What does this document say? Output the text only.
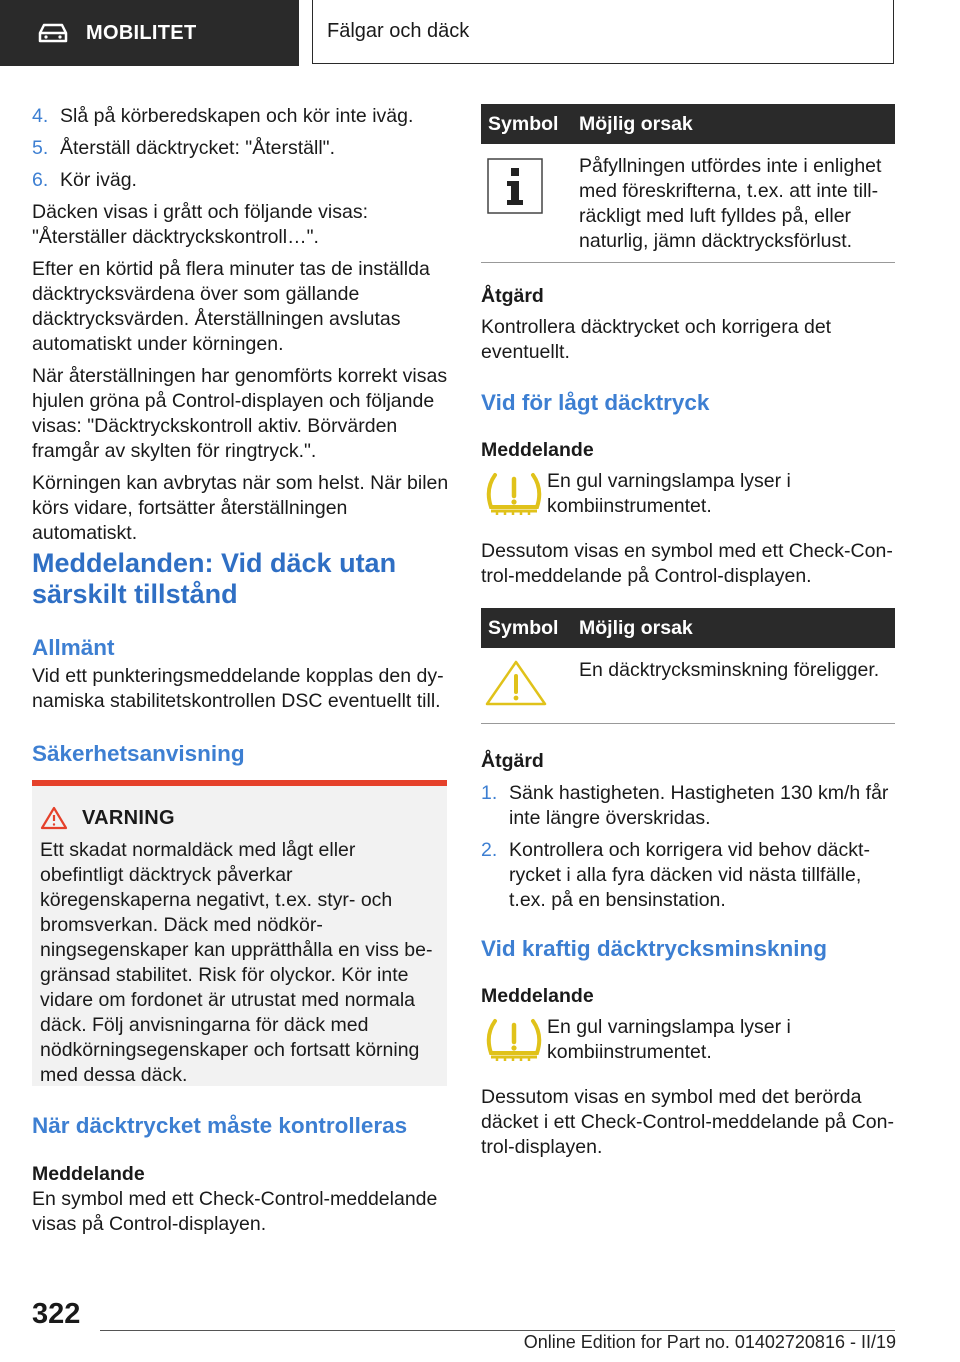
MOBILITET	Fälgar och däck
4. Slå på körberedskapen och kör inte iväg.
5. Återställ däcktrycket: "Återställ".
6. Kör iväg.

Däcken visas i grått och följande visas: "Återställer däcktryckskontroll…".

Efter en körtid på flera minuter tas de inställda däcktrycksvärdena över som gällande däcktrycksvärden. Återställningen avslutas automatiskt under körningen.

När återställningen har genomförts korrekt visas hjulen gröna på Control-displayen och följande visas: "Däcktryckskontroll aktiv. Börvärden framgår av skylten för ringtryck.".

Körningen kan avbrytas när som helst. När bilen körs vidare, fortsätter återställningen automatiskt.

Meddelanden: Vid däck utan särskilt tillstånd
Allmänt
Vid ett punkteringsmeddelande kopplas den dynamiska stabilitetskontrollen DSC eventuellt till.
Säkerhetsanvisning
VARNING
Ett skadat normaldäck med lågt eller obefintligt däcktryck påverkar köregenskaperna negativt, t.ex. styr- och bromsverkan. Däck med nödkörningsegenskaper kan upprätthålla en viss begränsad stabilitet. Risk för olyckor. Kör inte vidare om fordonet är utrustat med normala däck. Följ anvisningarna för däck med nödkörningsegenskaper och fortsatt körning med dessa däck.
När däcktrycket måste kontrolleras
Meddelande
En symbol med ett Check-Control-meddelande visas på Control-displayen.
Symbol	Möjlig orsak
	Påfyllningen utfördes inte i enlighet med föreskrifterna, t.ex. att inte tillräckligt med luft fylldes på, eller naturlig, jämn däcktrycksförlust.
Åtgärd
Kontrollera däcktrycket och korrigera det eventuellt.
Vid för lågt däcktryck
Meddelande
En gul varningslampa lyser i kombiinstrumentet.
Dessutom visas en symbol med ett Check-Control-meddelande på Control-displayen.
Symbol	Möjlig orsak
	En däcktrycksminskning föreligger.
Åtgärd
1. Sänk hastigheten. Hastigheten 130 km/h får inte längre överskridas.
2. Kontrollera och korrigera vid behov däcktrycket i alla fyra däcken vid nästa tillfälle, t.ex. på en bensinstation.
Vid kraftig däcktrycksminskning
Meddelande
En gul varningslampa lyser i kombiinstrumentet.
Dessutom visas en symbol med det berörda däcket i ett Check-Control-meddelande på Control-displayen.
322
Online Edition for Part no. 01402720816 - II/19
